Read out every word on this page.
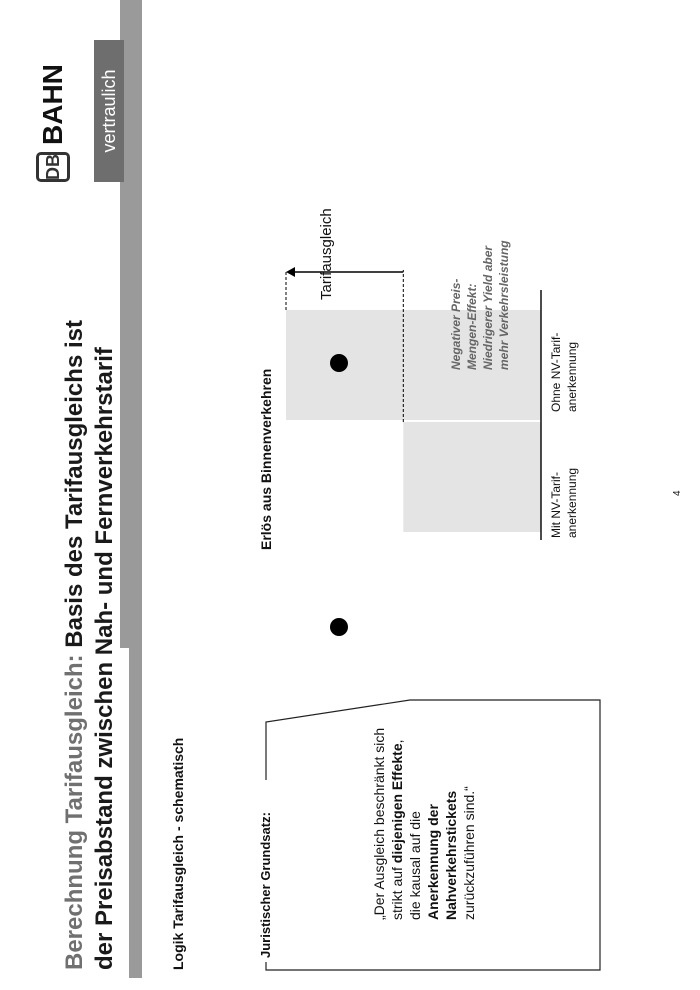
Berechnung Tarifausgleich: Basis des Tarifausgleichs ist der Preisabstand zwischen Nah- und Fernverkehrstarif
DB
BAHN vertraulich
Logik Tarifausgleich - schematisch	Juristischer Grundsatz:	„Der Ausgleich beschränkt sich strikt auf diejenigen Effekte, die kausal auf die Anerkennung der Nahverkehrstickets zurückzuführen sind.“
Erlös aus Binnenverkehren	Mit NV-Tarif- anerkennung
Ohne NV-Tarif- anerkennung
Tarifausgleich
Negativer Preis- Mengen-Effekt: Niedrigerer Yield aber mehr Verkehrsleistung
4
